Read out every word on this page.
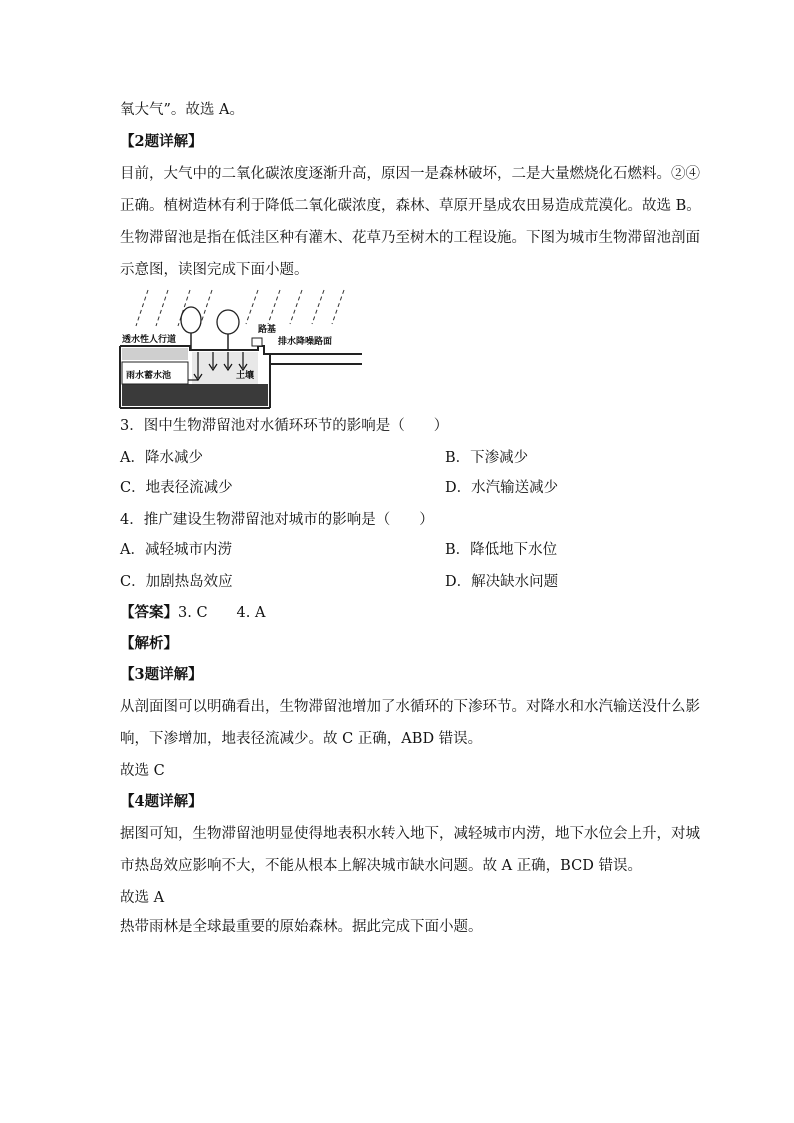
氧大气”。故选 A。
【2题详解】
目前，大气中的二氧化碳浓度逐渐升高，原因一是森林破坏，二是大量燃烧化石燃料。②④
正确。植树造林有利于降低二氧化碳浓度，森林、草原开垦成农田易造成荒漠化。故选 B。
生物滞留池是指在低洼区种有灌木、花草乃至树木的工程设施。下图为城市生物滞留池剖面
示意图，读图完成下面小题。
透水性人行道
路基
排水降噪路面
土壤
雨水蓄水池
3．图中生物滞留池对水循环环节的影响是（　　）
A．降水减少	B．下渗减少
C．地表径流减少	D．水汽输送减少
4．推广建设生物滞留池对城市的影响是（　　）
A．减轻城市内涝	B．降低地下水位
C．加剧热岛效应	D．解决缺水问题
【答案】3. C　　4. A
【解析】
【3题详解】
从剖面图可以明确看出，生物滞留池增加了水循环的下渗环节。对降水和水汽输送没什么影
响，下渗增加，地表径流减少。故 C 正确，ABD 错误。
故选 C
【4题详解】
据图可知，生物滞留池明显使得地表积水转入地下，减轻城市内涝，地下水位会上升，对城
市热岛效应影响不大，不能从根本上解决城市缺水问题。故 A 正确，BCD 错误。
故选 A
热带雨林是全球最重要的原始森林。据此完成下面小题。
